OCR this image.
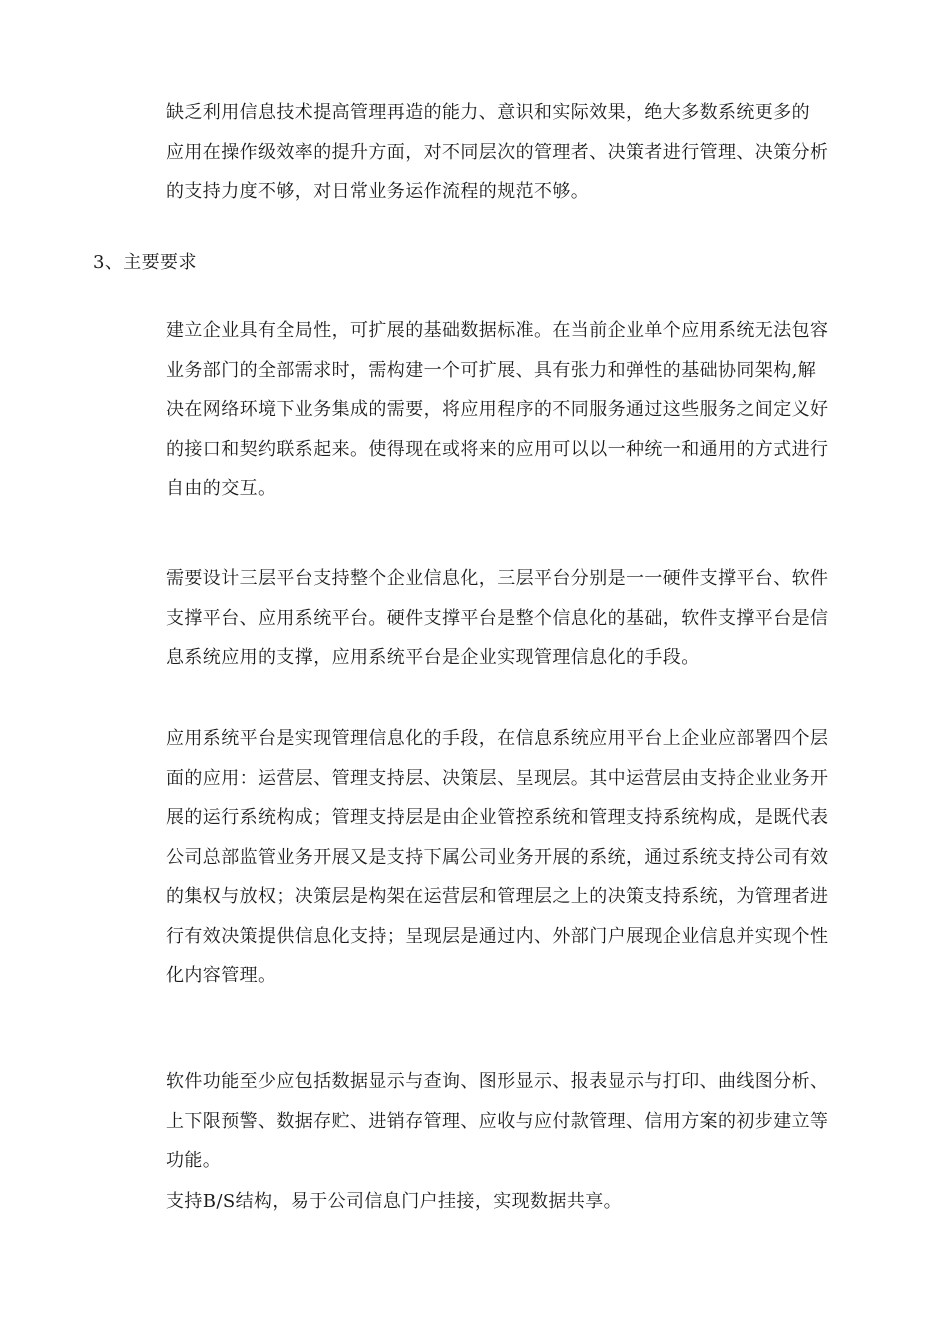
缺乏利用信息技术提高管理再造的能力、意识和实际效果，绝大多数系统更多的
应用在操作级效率的提升方面，对不同层次的管理者、决策者进行管理、决策分析
的支持力度不够，对日常业务运作流程的规范不够。

3、主要要求

建立企业具有全局性，可扩展的基础数据标准。在当前企业单个应用系统无法包容
业务部门的全部需求时，需构建一个可扩展、具有张力和弹性的基础协同架构,解
决在网络环境下业务集成的需要，将应用程序的不同服务通过这些服务之间定义好
的接口和契约联系起来。使得现在或将来的应用可以以一种统一和通用的方式进行
自由的交互。

需要设计三层平台支持整个企业信息化，三层平台分别是一一硬件支撑平台、软件
支撑平台、应用系统平台。硬件支撑平台是整个信息化的基础，软件支撑平台是信
息系统应用的支撑，应用系统平台是企业实现管理信息化的手段。

应用系统平台是实现管理信息化的手段，在信息系统应用平台上企业应部署四个层
面的应用：运营层、管理支持层、决策层、呈现层。其中运营层由支持企业业务开
展的运行系统构成；管理支持层是由企业管控系统和管理支持系统构成，是既代表
公司总部监管业务开展又是支持下属公司业务开展的系统，通过系统支持公司有效
的集权与放权；决策层是构架在运营层和管理层之上的决策支持系统，为管理者进
行有效决策提供信息化支持；呈现层是通过内、外部门户展现企业信息并实现个性
化内容管理。

软件功能至少应包括数据显示与查询、图形显示、报表显示与打印、曲线图分析、
上下限预警、数据存贮、进销存管理、应收与应付款管理、信用方案的初步建立等
功能。

支持B/S结构，易于公司信息门户挂接，实现数据共享。
